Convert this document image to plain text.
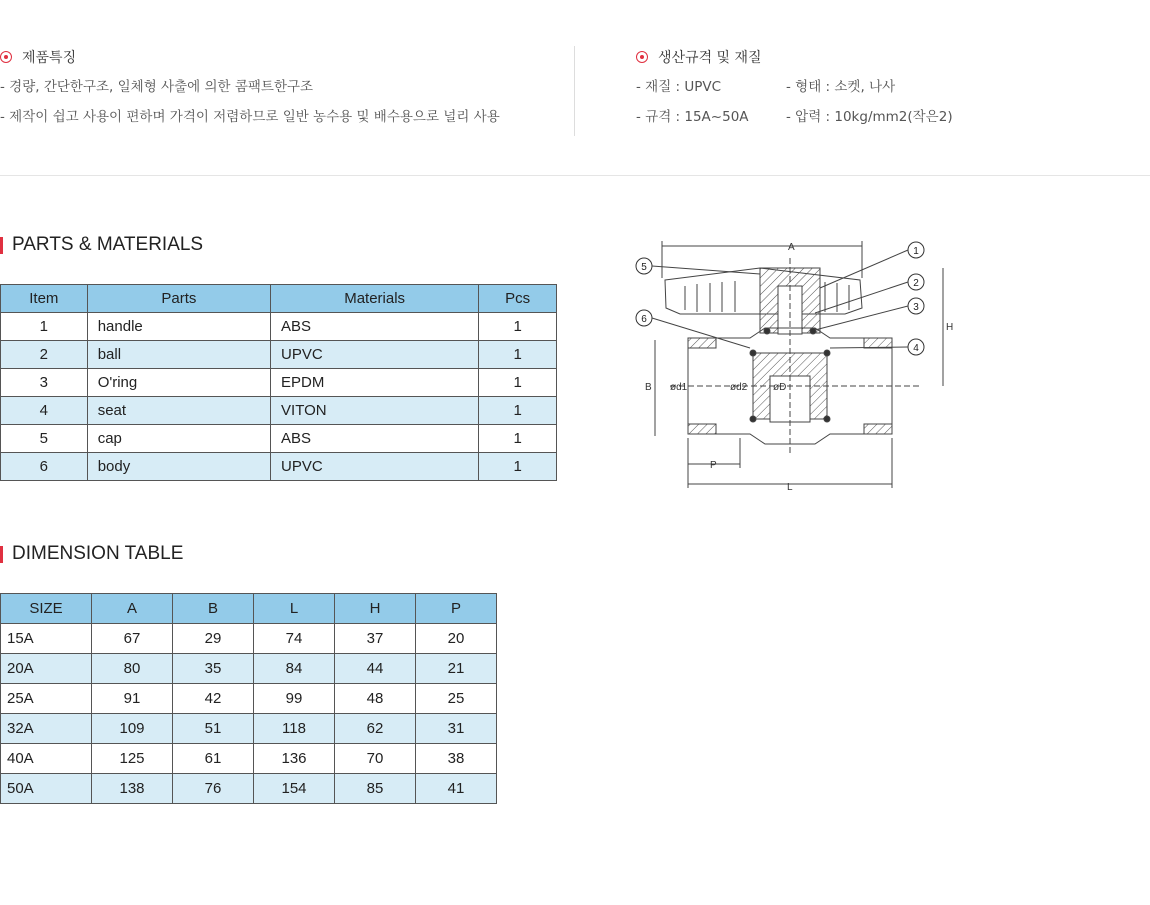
제품특징
- 경량, 간단한구조, 일체형 사출에 의한 콤팩트한구조
- 제작이 쉽고 사용이 편하며 가격이 저렴하므로 일반 농수용 및 배수용으로 널리 사용
생산규격 및 재질
- 재질 : UPVC	- 형태 : 소켓, 나사
- 규격 : 15A~50A	- 압력 : 10kg/mm2(작은2)
PARTS & MATERIALS
Item	Parts	Materials	Pcs
1	handle	ABS	1
2	ball	UPVC	1
3	O'ring	EPDM	1
4	seat	VITON	1
5	cap	ABS	1
6	body	UPVC	1
DIMENSION TABLE
SIZE	A	B	L	H	P
15A	67	29	74	37	20
20A	80	35	84	44	21
25A	91	42	99	48	25
32A	109	51	118	62	31
40A	125	61	136	70	38
50A	138	76	154	85	41
A
H
B ød1	ød2	øD
L
P
1
2
3
4
5
6
